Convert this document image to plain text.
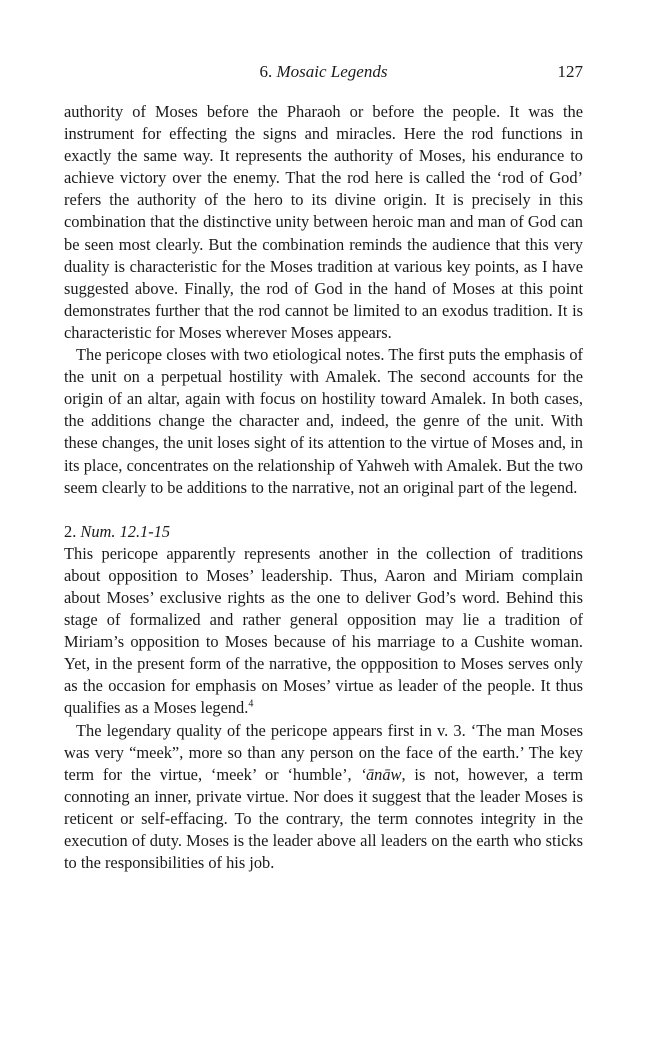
6. Mosaic Legends	127

authority of Moses before the Pharaoh or before the people. It was the instrument for effecting the signs and miracles. Here the rod functions in exactly the same way. It represents the authority of Moses, his endurance to achieve victory over the enemy. That the rod here is called the ‘rod of God’ refers the authority of the hero to its divine origin. It is precisely in this combination that the distinctive unity between heroic man and man of God can be seen most clearly. But the combination reminds the audience that this very duality is characteristic for the Moses tradition at various key points, as I have suggested above. Finally, the rod of God in the hand of Moses at this point demonstrates further that the rod cannot be limited to an exodus tradition. It is characteristic for Moses wherever Moses appears.

The pericope closes with two etiological notes. The first puts the emphasis of the unit on a perpetual hostility with Amalek. The second accounts for the origin of an altar, again with focus on hostility toward Amalek. In both cases, the additions change the character and, indeed, the genre of the unit. With these changes, the unit loses sight of its attention to the virtue of Moses and, in its place, concentrates on the relationship of Yahweh with Amalek. But the two seem clearly to be additions to the narrative, not an original part of the legend.

2. Num. 12.1-15

This pericope apparently represents another in the collection of traditions about opposition to Moses’ leadership. Thus, Aaron and Miriam complain about Moses’ exclusive rights as the one to deliver God’s word. Behind this stage of formalized and rather general opposition may lie a tradition of Miriam’s opposition to Moses because of his marriage to a Cushite woman. Yet, in the present form of the narrative, the oppposition to Moses serves only as the occasion for emphasis on Moses’ virtue as leader of the people. It thus qualifies as a Moses legend.$^4$

The legendary quality of the pericope appears first in v. 3. ‘The man Moses was very “meek”, more so than any person on the face of the earth.’ The key term for the virtue, ‘meek’ or ‘humble’, ‘ānāw, is not, however, a term connoting an inner, private virtue. Nor does it suggest that the leader Moses is reticent or self-effacing. To the contrary, the term connotes integrity in the execution of duty. Moses is the leader above all leaders on the earth who sticks to the responsibilities of his job.
